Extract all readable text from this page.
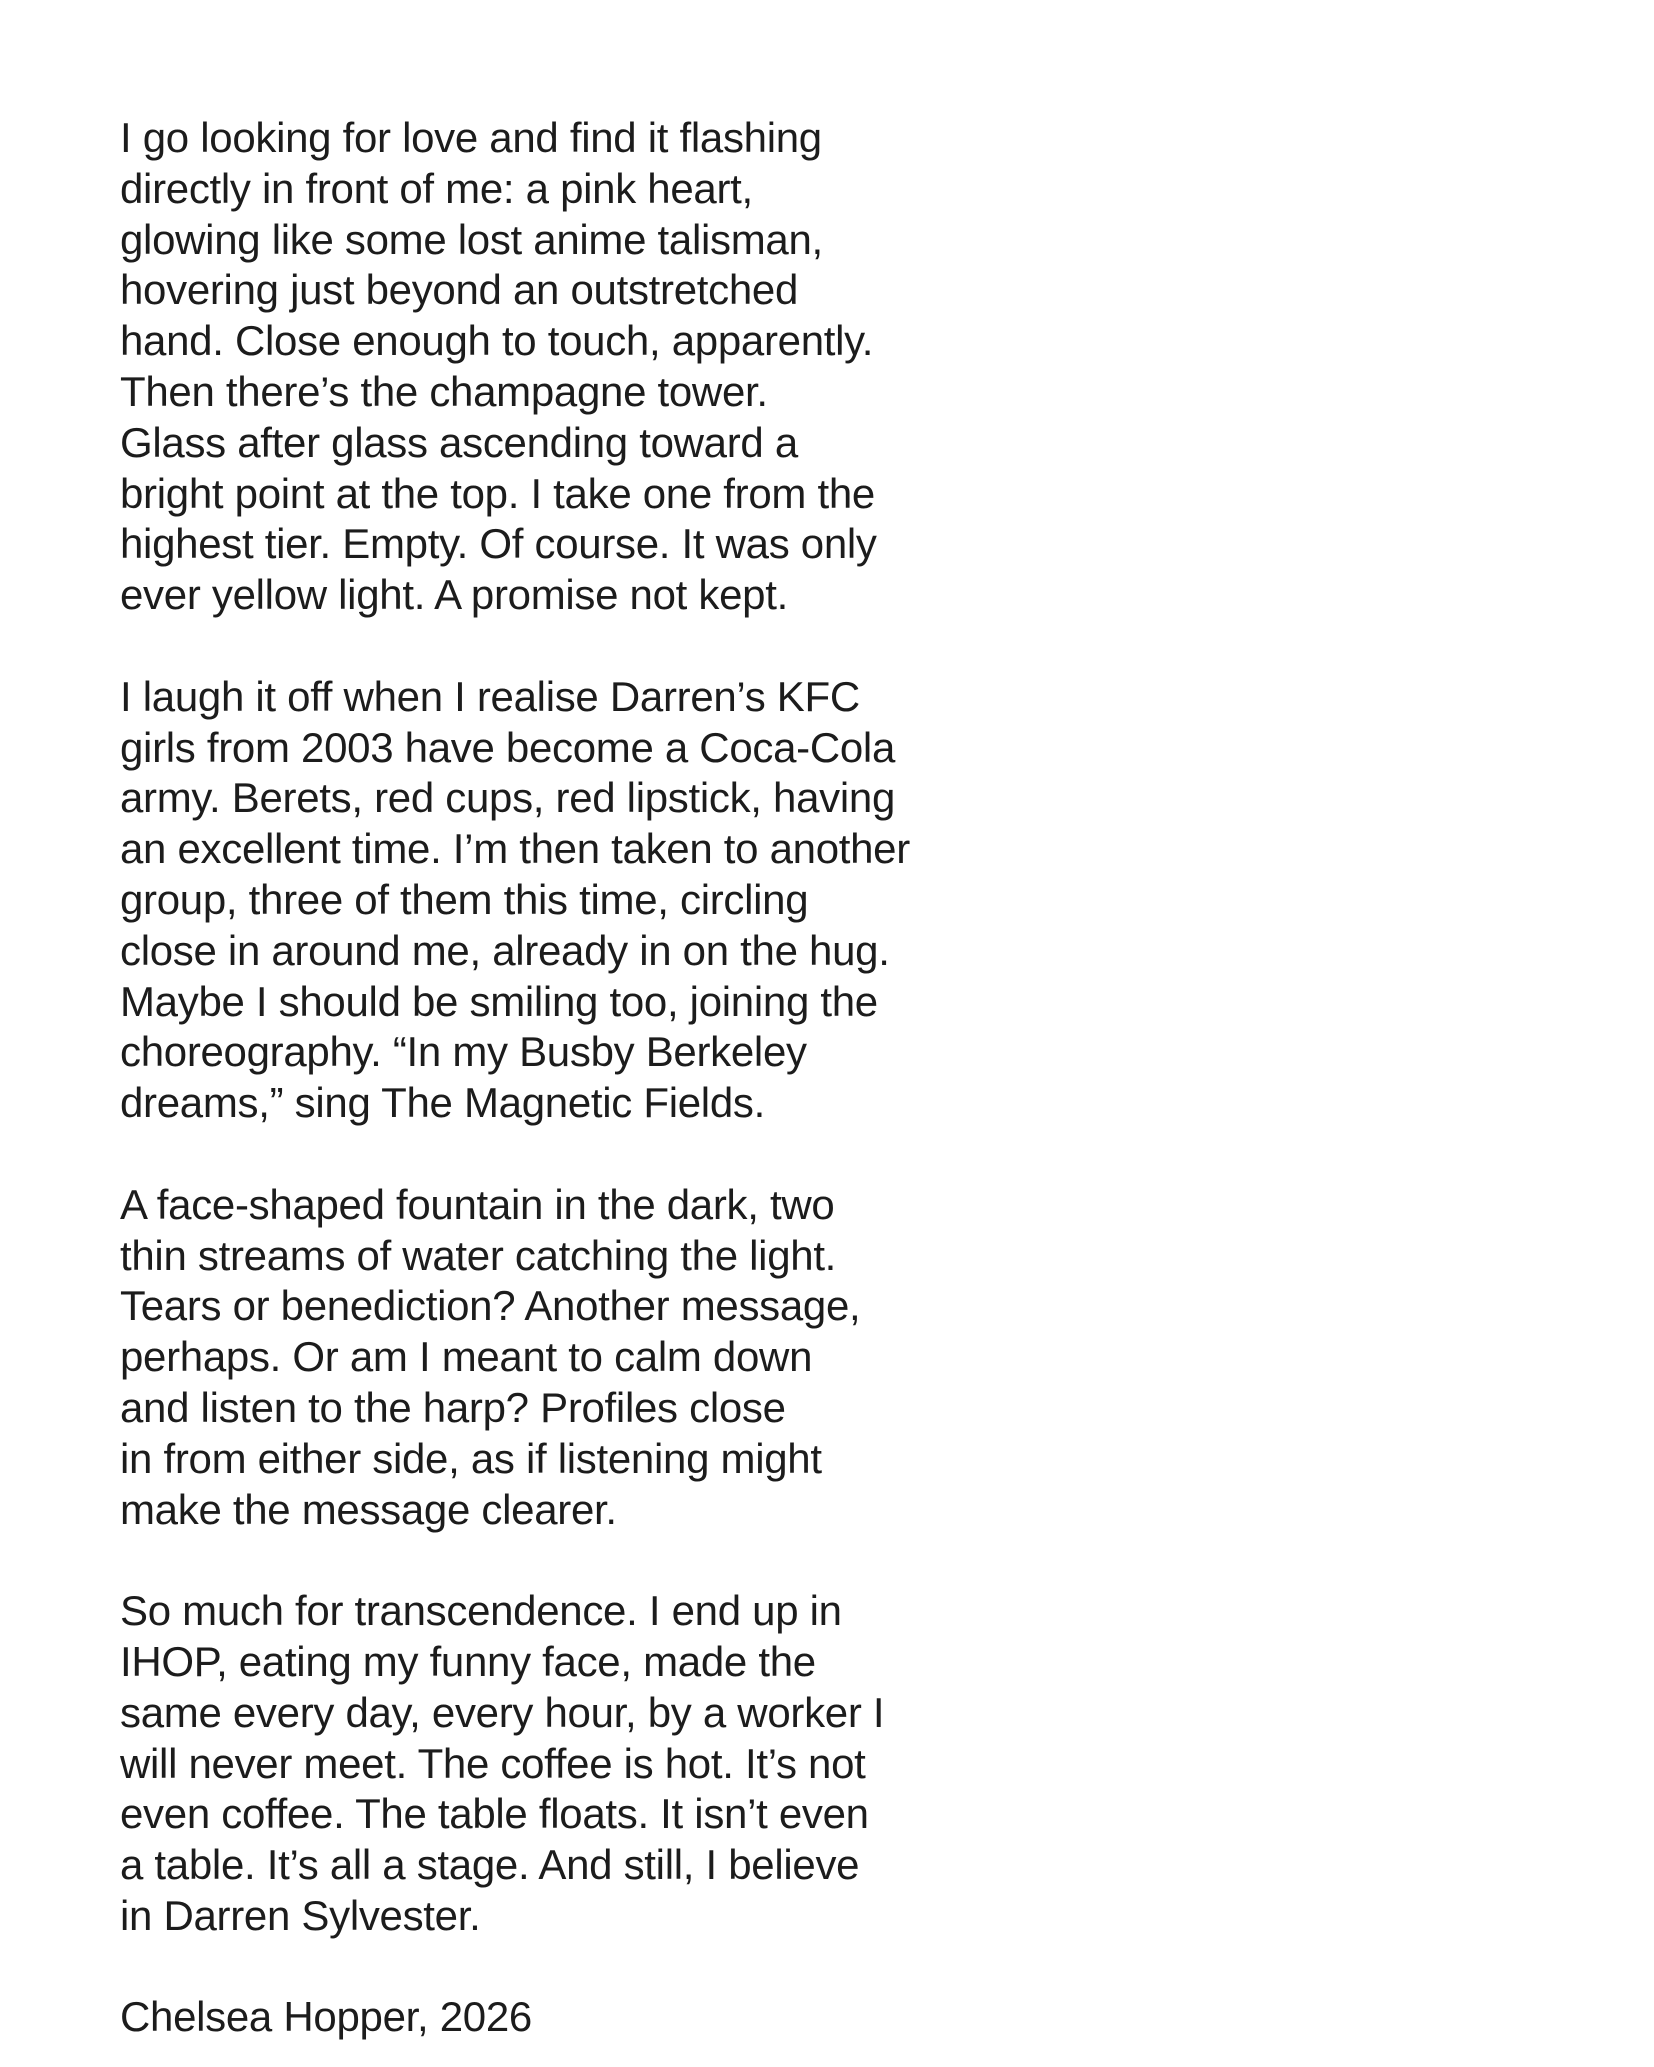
I go looking for love and find it flashing
directly in front of me: a pink heart,
glowing like some lost anime talisman,
hovering just beyond an outstretched
hand. Close enough to touch, apparently.
Then there’s the champagne tower.
Glass after glass ascending toward a
bright point at the top. I take one from the
highest tier. Empty. Of course. It was only
ever yellow light. A promise not kept.

I laugh it off when I realise Darren’s KFC
girls from 2003 have become a Coca-Cola
army. Berets, red cups, red lipstick, having
an excellent time. I’m then taken to another
group, three of them this time, circling
close in around me, already in on the hug.
Maybe I should be smiling too, joining the
choreography. “In my Busby Berkeley
dreams,” sing The Magnetic Fields.

A face-shaped fountain in the dark, two
thin streams of water catching the light.
Tears or benediction? Another message,
perhaps. Or am I meant to calm down
and listen to the harp? Profiles close
in from either side, as if listening might
make the message clearer.

So much for transcendence. I end up in
IHOP, eating my funny face, made the
same every day, every hour, by a worker I
will never meet. The coffee is hot. It’s not
even coffee. The table floats. It isn’t even
a table. It’s all a stage. And still, I believe
in Darren Sylvester.

Chelsea Hopper, 2026
